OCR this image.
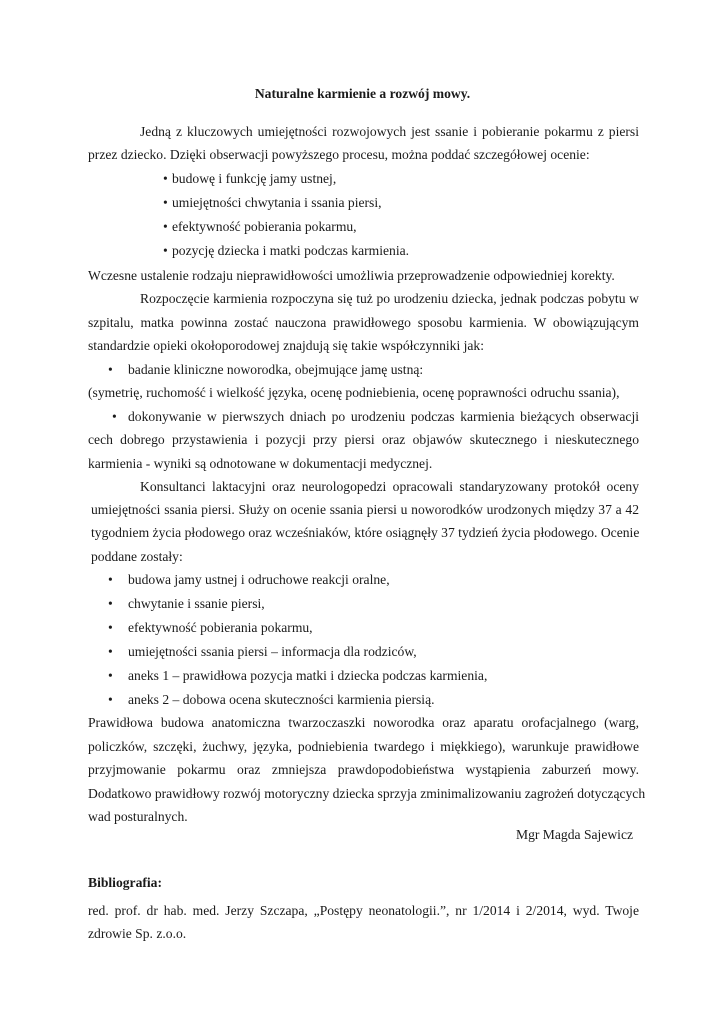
Naturalne karmienie a rozwój mowy.
Jedną z kluczowych umiejętności rozwojowych jest ssanie i pobieranie pokarmu z piersi
przez dziecko. Dzięki obserwacji powyższego procesu, można poddać szczegółowej ocenie:
• budowę i funkcję jamy ustnej,
• umiejętności chwytania i ssania piersi,
• efektywność pobierania pokarmu,
• pozycję dziecka i matki podczas karmienia.
Wczesne ustalenie rodzaju nieprawidłowości umożliwia przeprowadzenie odpowiedniej korekty.
Rozpoczęcie karmienia rozpoczyna się tuż po urodzeniu dziecka, jednak podczas pobytu w
szpitalu, matka powinna zostać nauczona prawidłowego sposobu karmienia. W obowiązującym
standardzie opieki okołoporodowej znajdują się takie współczynniki jak:
• badanie kliniczne noworodka, obejmujące jamę ustną:
(symetrię, ruchomość i wielkość języka, ocenę podniebienia, ocenę poprawności odruchu ssania),
• dokonywanie w pierwszych dniach po urodzeniu podczas karmienia bieżących obserwacji
cech dobrego przystawienia i pozycji przy piersi oraz objawów skutecznego i nieskutecznego
karmienia - wyniki są odnotowane w dokumentacji medycznej.
Konsultanci laktacyjni oraz neurologopedzi opracowali standaryzowany protokół oceny
umiejętności ssania piersi. Służy on ocenie ssania piersi u noworodków urodzonych między 37 a 42
tygodniem życia płodowego oraz wcześniaków, które osiągnęły 37 tydzień życia płodowego. Ocenie
poddane zostały:
• budowa jamy ustnej i odruchowe reakcji oralne,
• chwytanie i ssanie piersi,
• efektywność pobierania pokarmu,
• umiejętności ssania piersi – informacja dla rodziców,
• aneks 1 – prawidłowa pozycja matki i dziecka podczas karmienia,
• aneks 2 – dobowa ocena skuteczności karmienia piersią.
Prawidłowa budowa anatomiczna twarzoczaszki noworodka oraz aparatu orofacjalnego (warg,
policzków, szczęki, żuchwy, języka, podniebienia twardego i miękkiego), warunkuje prawidłowe
przyjmowanie pokarmu oraz zmniejsza prawdopodobieństwa wystąpienia zaburzeń mowy.
Dodatkowo prawidłowy rozwój motoryczny dziecka sprzyja zminimalizowaniu zagrożeń dotyczących
wad posturalnych.
Mgr Magda Sajewicz
Bibliografia:
red. prof. dr hab. med. Jerzy Szczapa, „Postępy neonatologii.”, nr 1/2014 i 2/2014, wyd. Twoje
zdrowie Sp. z.o.o.
